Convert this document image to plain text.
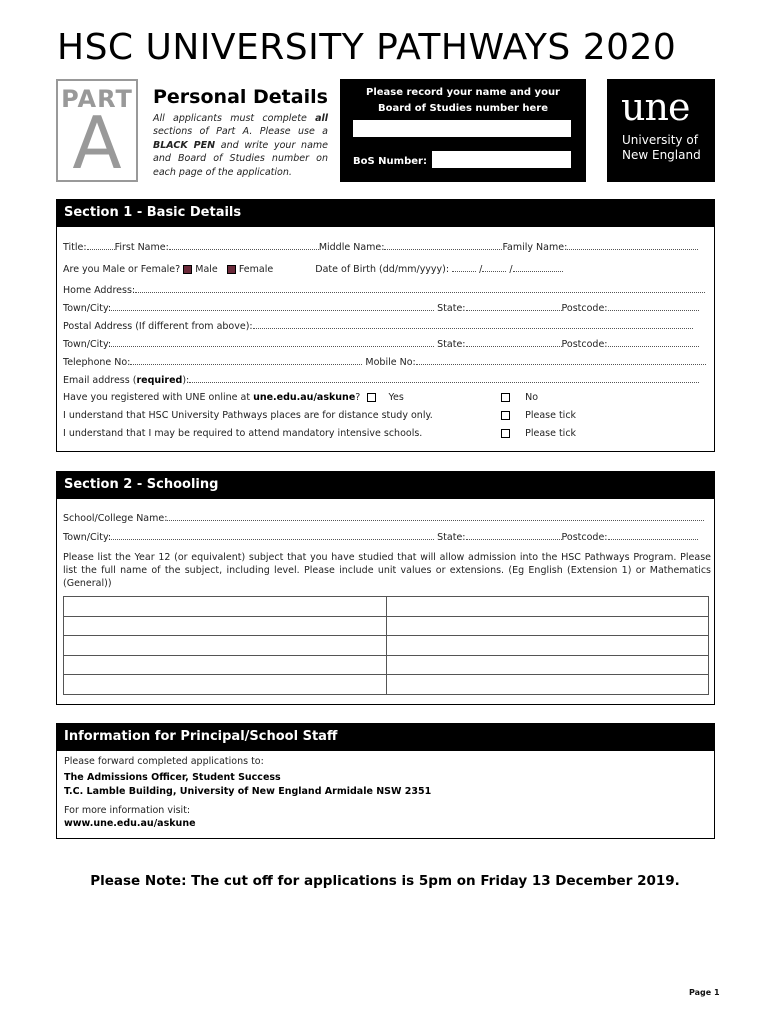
HSC UNIVERSITY PATHWAYS 2020
PART
A
Personal Details
All applicants must complete all sections of Part A. Please use a BLACK PEN and write your name and Board of Studies number on each page of the application.
Please record your name and your
Board of Studies number here
BoS Number:
une
University of
New England
Section 1 - Basic Details
Title:	First Name:	Middle Name:	Family Name:
Are you Male or Female? Male Female	Date of Birth (dd/mm/yyyy):	/	/
Home Address:
Town/City:	State:	Postcode:
Postal Address (If different from above):
Town/City:	State:	Postcode:
Telephone No:	Mobile No:
Email address (required):
Have you registered with UNE online at une.edu.au/askune?	Yes	No
I understand that HSC University Pathways places are for distance study only.	Please tick
I understand that I may be required to attend mandatory intensive schools.	Please tick
Section 2 - Schooling
School/College Name:
Town/City:	State:	Postcode:
Please list the Year 12 (or equivalent) subject that you have studied that will allow admission into the HSC Pathways Program. Please list the full name of the subject, including level. Please include unit values or extensions. (Eg English (Extension 1) or Mathematics (General))

Information for Principal/School Staff
Please forward completed applications to:
The Admissions Officer, Student Success
T.C. Lamble Building, University of New England Armidale NSW 2351
For more information visit:
www.une.edu.au/askune
Please Note: The cut off for applications is 5pm on Friday 13 December 2019.
Page 1
